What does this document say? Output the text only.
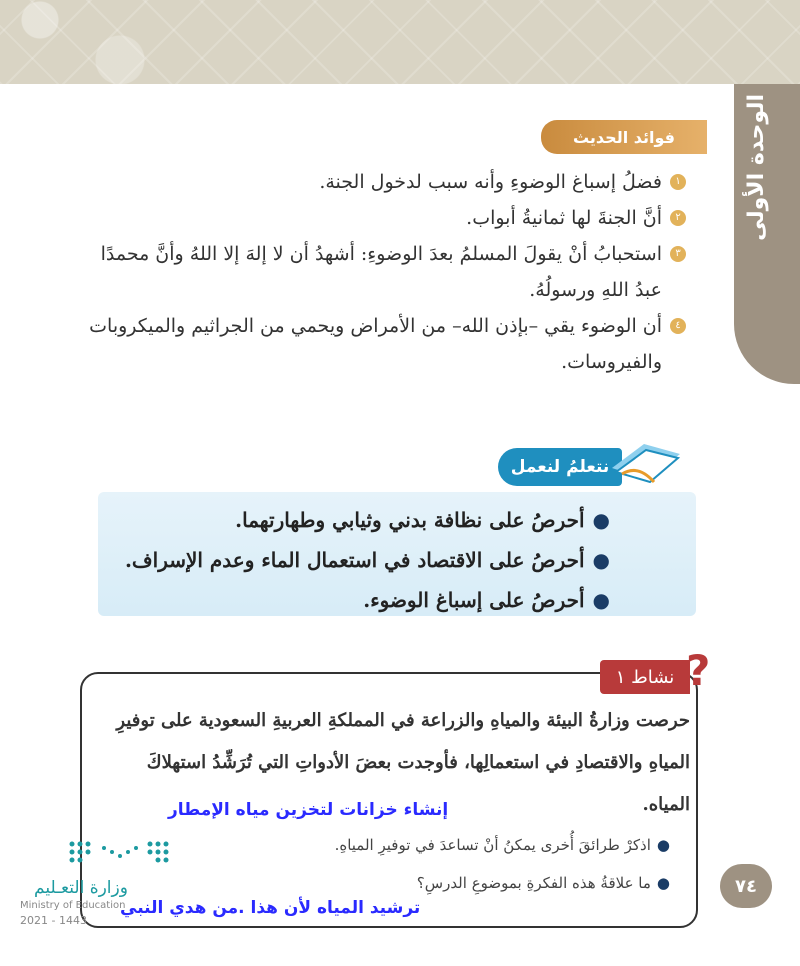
الوحدة الأولى
فوائد الحديث
١
فضلُ إسباغ الوضوءِ وأنه سبب لدخول الجنة.
٢
أنَّ الجنةَ لها ثمانيةُ أبواب.
٣
استحبابُ أنْ يقولَ المسلمُ بعدَ الوضوءِ: أشهدُ أن لا إلهَ إلا اللهُ وأنَّ محمدًا عبدُ اللهِ ورسولُهُ.
٤
أن الوضوء يقي –بإذن الله– من الأمراض ويحمي من الجراثيم والميكروبات والفيروسات.
نتعلمُ لنعمل
●أحرصُ على نظافة بدني وثيابي وطهارتهما.
●أحرصُ على الاقتصاد في استعمال الماء وعدم الإسراف.
●أحرصُ على إسباغ الوضوء.
نشاط ١ ?
حرصت وزارةُ البيئة والمياهِ والزراعة في المملكةِ العربيةِ السعودية على توفيرِ المياهِ والاقتصادِ في استعمالِها، فأوجدت بعضَ الأدواتِ التي تُرَشِّدُ استهلاكَ المياه.
إنشاء خزانات لتخزين مياه الإمطار
●اذكرْ طرائقَ أُخرى يمكنُ أنْ تساعدَ في توفيرِ المياهِ.
●ما علاقةُ هذه الفكرةِ بموضوعِ الدرسِ؟
ترشيد المياه لأن هذا .من هدي النبي
٧٤
وزارة التعـليم
Ministry of Education
2021 - 1443
